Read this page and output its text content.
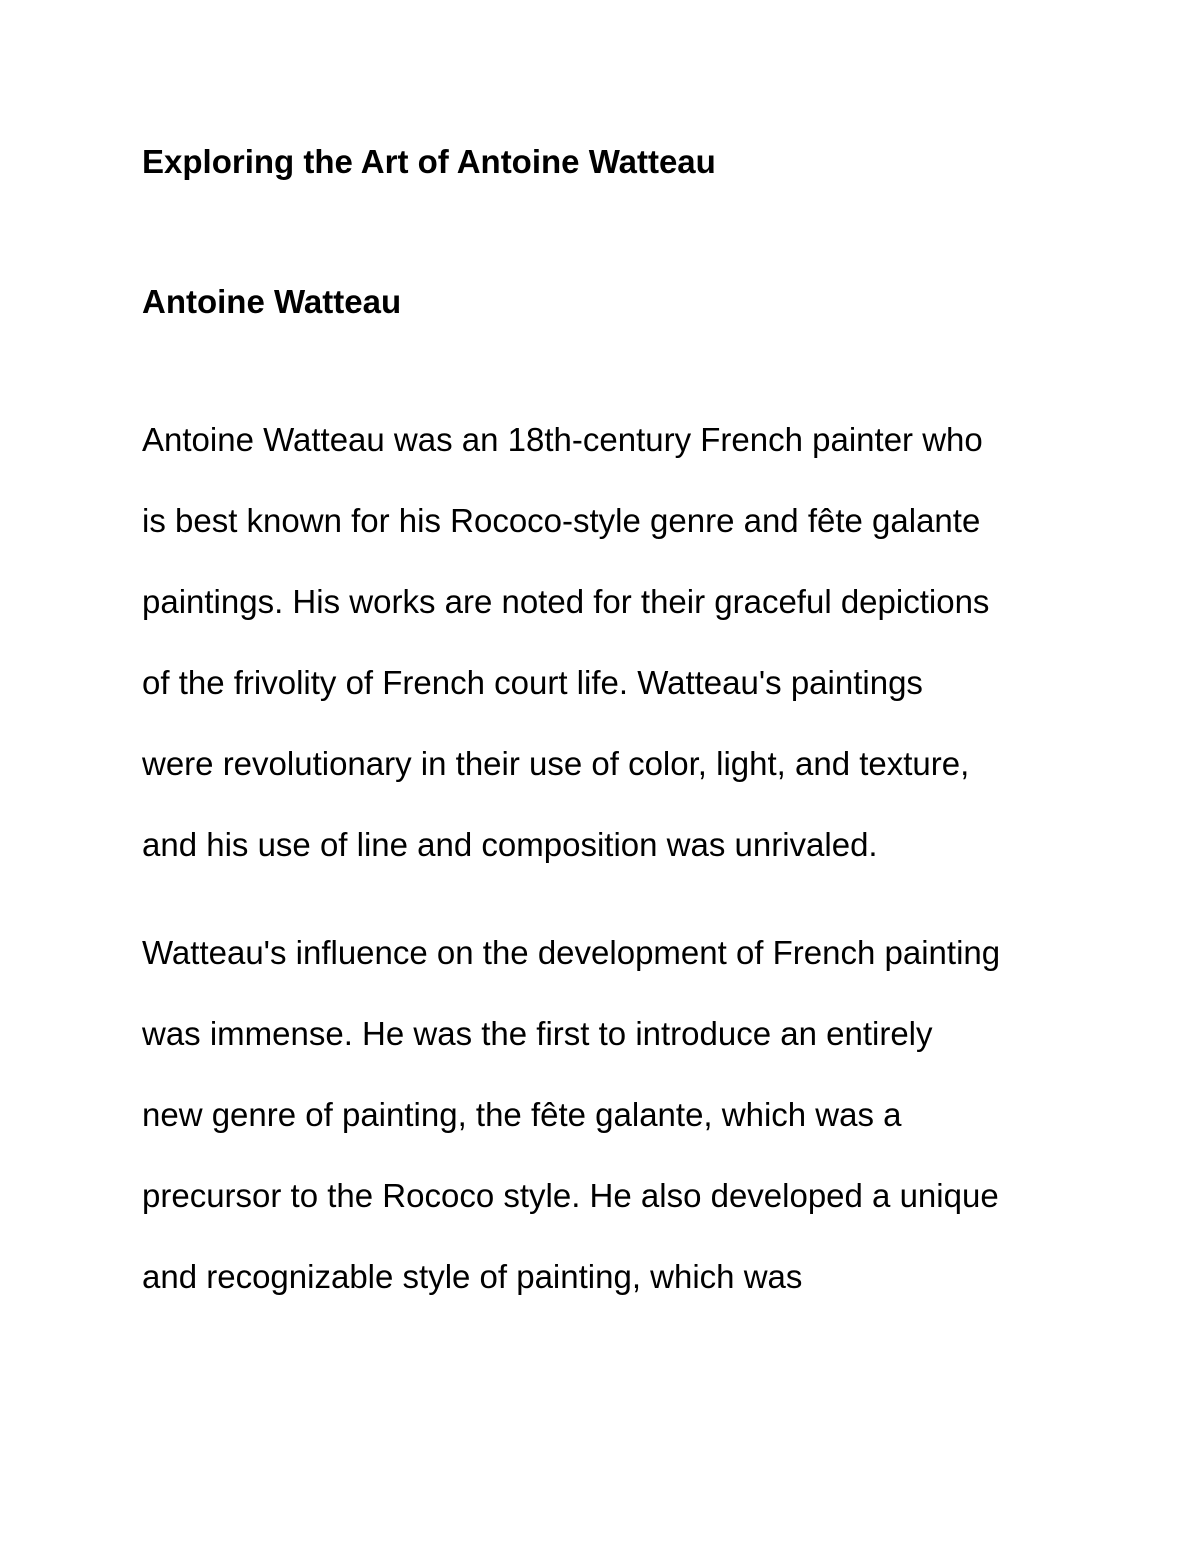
Exploring the Art of Antoine Watteau
Antoine Watteau

Antoine Watteau was an 18th-century French painter who

is best known for his Rococo-style genre and fête galante

paintings. His works are noted for their graceful depictions

of the frivolity of French court life. Watteau's paintings

were revolutionary in their use of color, light, and texture,

and his use of line and composition was unrivaled.

Watteau's influence on the development of French painting

was immense. He was the first to introduce an entirely

new genre of painting, the fête galante, which was a

precursor to the Rococo style. He also developed a unique

and recognizable style of painting, which was
